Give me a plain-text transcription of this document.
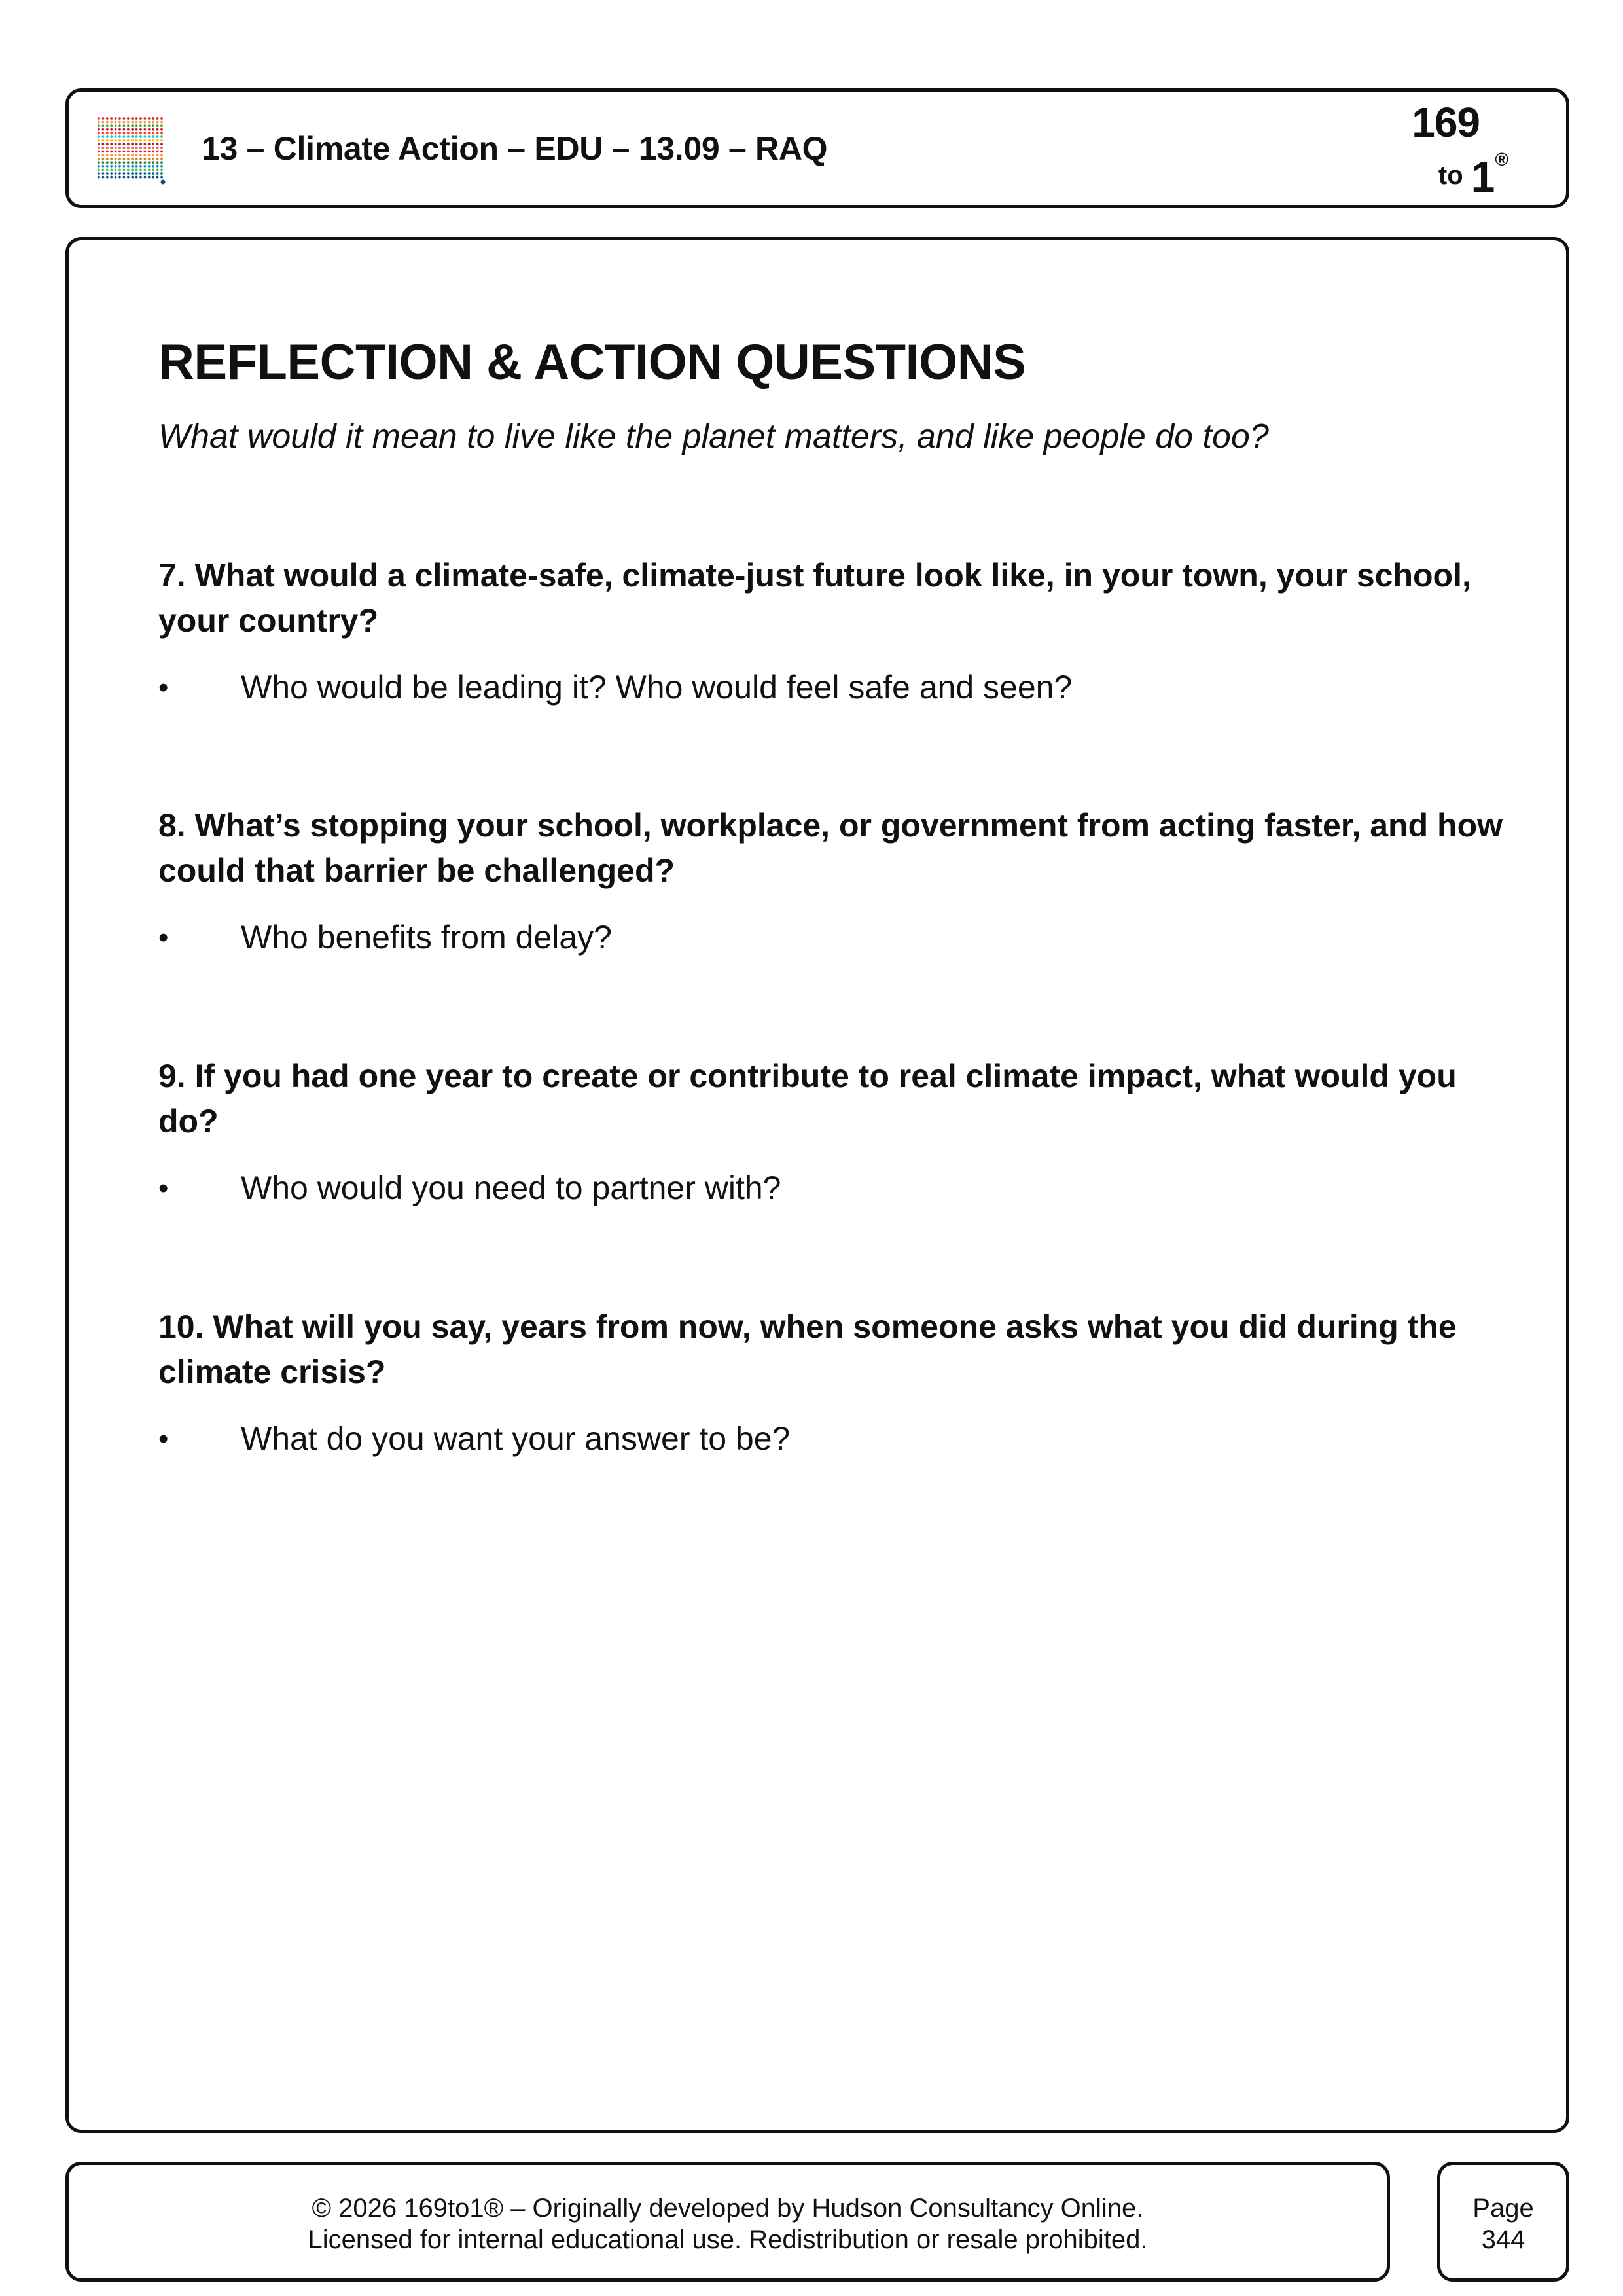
13 – Climate Action – EDU – 13.09 – RAQ
169
to 1®
REFLECTION & ACTION QUESTIONS
What would it mean to live like the planet matters, and like people do too?

7. What would a climate-safe, climate-just future look like, in your town, your school, your country?

• Who would be leading it? Who would feel safe and seen?

8. What’s stopping your school, workplace, or government from acting faster, and how could that barrier be challenged?

• Who benefits from delay?

9. If you had one year to create or contribute to real climate impact, what would you do?

• Who would you need to partner with?

10. What will you say, years from now, when someone asks what you did during the climate crisis?

• What do you want your answer to be?
© 2026 169to1® – Originally developed by Hudson Consultancy Online.
Licensed for internal educational use. Redistribution or resale prohibited.
Page
344
